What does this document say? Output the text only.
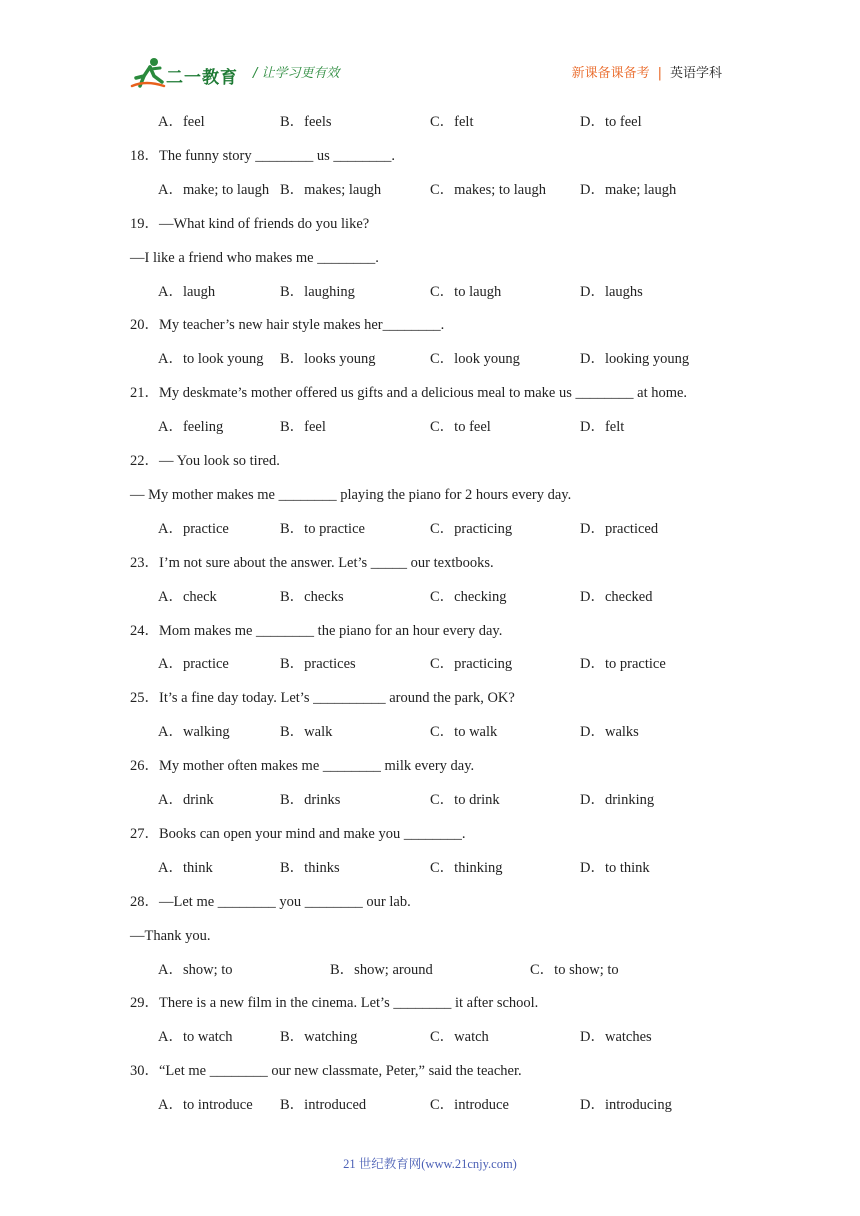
二一教育 / 让学习更有效	新课备课备考 | 英语学科
A．feel	B．feels	C．felt	D．to feel
18．The funny story ________ us ________.
A．make; to laugh B．makes; laugh	C．makes; to laugh D．make; laugh
19．—What kind of friends do you like?
—I like a friend who makes me ________.
A．laugh	B．laughing	C．to laugh	D．laughs
20．My teacher’s new hair style makes her________.
A．to look young B．looks young	C．look young	D．looking young
21．My deskmate’s mother offered us gifts and a delicious meal to make us ________ at home.
A．feeling	B．feel	C．to feel	D．felt
22．— You look so tired.
— My mother makes me ________ playing the piano for 2 hours every day.
A．practice	B．to practice	C．practicing	D．practiced
23．I’m not sure about the answer. Let’s _____ our textbooks.
A．check	B．checks	C．checking	D．checked
24．Mom makes me ________ the piano for an hour every day.
A．practice	B．practices	C．practicing	D．to practice
25．It’s a fine day today. Let’s __________ around the park, OK?
A．walking	B．walk	C．to walk	D．walks
26．My mother often makes me ________ milk every day.
A．drink	B．drinks	C．to drink	D．drinking
27．Books can open your mind and make you ________.
A．think	B．thinks	C．thinking	D．to think
28．—Let me ________ you ________ our lab.
—Thank you.
A．show; to	B．show; around	C．to show; to
29．There is a new film in the cinema. Let’s ________ it after school.
A．to watch	B．watching	C．watch	D．watches
30．“Let me ________ our new classmate, Peter,” said the teacher.
A．to introduce B．introduced	C．introduce	D．introducing
21 世纪教育网(www.21cnjy.com)
